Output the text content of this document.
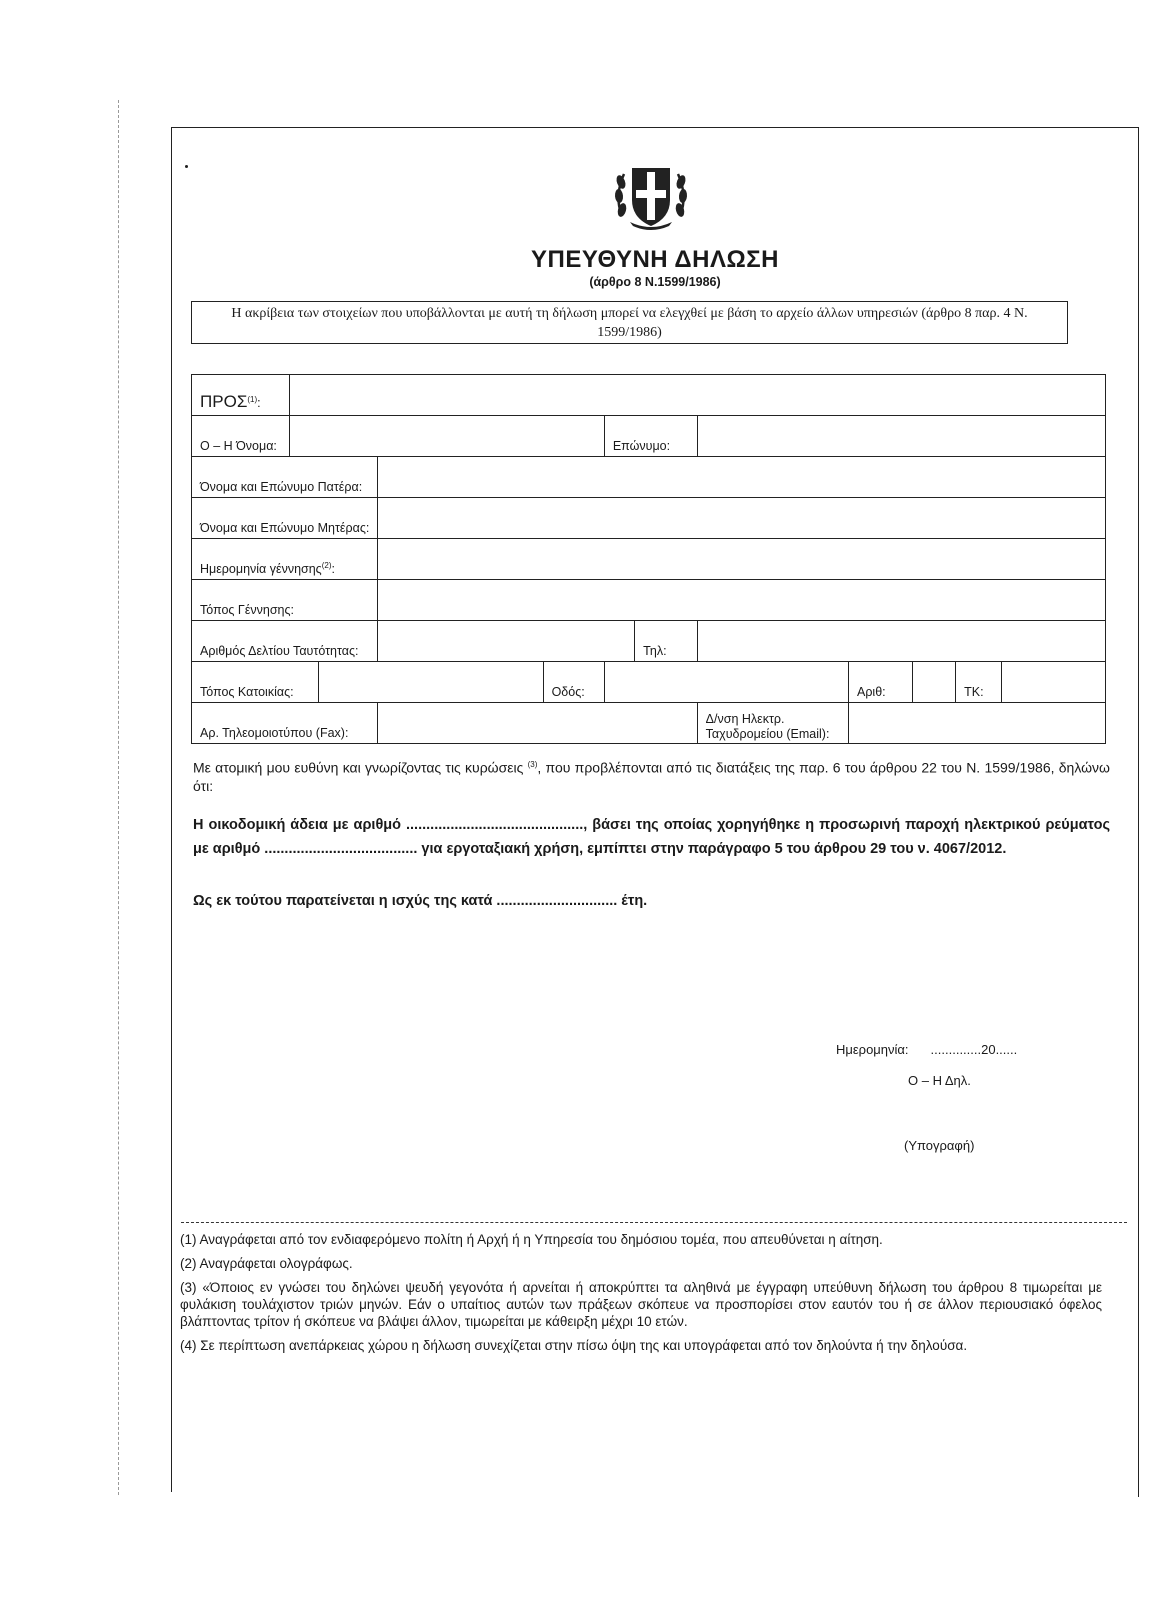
ΥΠΕΥΘΥΝΗ ΔΗΛΩΣΗ
(άρθρο 8 Ν.1599/1986)
Η ακρίβεια των στοιχείων που υποβάλλονται με αυτή τη δήλωση μπορεί να ελεγχθεί με βάση το αρχείο άλλων υπηρεσιών (άρθρο 8 παρ. 4 Ν. 1599/1986)
ΠΡΟΣ$^{(1)}$:											
Ο – Η Όνομα:					Επώνυμο:						
Όνομα και Επώνυμο Πατέρα:											
Όνομα και Επώνυμο Μητέρας:											
Ημερομηνία γέννησης$^{(2)}$:											
Τόπος Γέννησης:											
Αριθμός Δελτίου Ταυτότητας:						Τηλ:					
Τόπος Κατοικίας:				Οδός:				Αριθ:		ΤΚ:	
Αρ. Τηλεομοιοτύπου (Fax):							Δ/νση Ηλεκτρ. Ταχυδρομείου (Email):				
Με ατομική μου ευθύνη και γνωρίζοντας τις κυρώσεις $^{(3)}$, που προβλέπονται από τις διατάξεις της παρ. 6 του άρθρου 22 του Ν. 1599/1986, δηλώνω ότι:
Η οικοδομική άδεια με αριθμό ............................................, βάσει της οποίας χορηγήθηκε η προσωρινή παροχή ηλεκτρικού ρεύματος με αριθμό ...................................... για εργοταξιακή χρήση, εμπίπτει στην παράγραφο 5 του άρθρου 29 του ν. 4067/2012.
Ως εκ τούτου παρατείνεται η ισχύς της κατά .............................. έτη.
Ημερομηνία: ..............20......
Ο – Η Δηλ.
(Υπογραφή)

(1) Αναγράφεται από τον ενδιαφερόμενο πολίτη ή Αρχή ή η Υπηρεσία του δημόσιου τομέα, που απευθύνεται η αίτηση.

(2) Αναγράφεται ολογράφως.

(3) «Όποιος εν γνώσει του δηλώνει ψευδή γεγονότα ή αρνείται ή αποκρύπτει τα αληθινά με έγγραφη υπεύθυνη δήλωση του άρθρου 8 τιμωρείται με φυλάκιση τουλάχιστον τριών μηνών. Εάν ο υπαίτιος αυτών των πράξεων σκόπευε να προσπορίσει στον εαυτόν του ή σε άλλον περιουσιακό όφελος βλάπτοντας τρίτον ή σκόπευε να βλάψει άλλον, τιμωρείται με κάθειρξη μέχρι 10 ετών.

(4) Σε περίπτωση ανεπάρκειας χώρου η δήλωση συνεχίζεται στην πίσω όψη της και υπογράφεται από τον δηλούντα ή την δηλούσα.
